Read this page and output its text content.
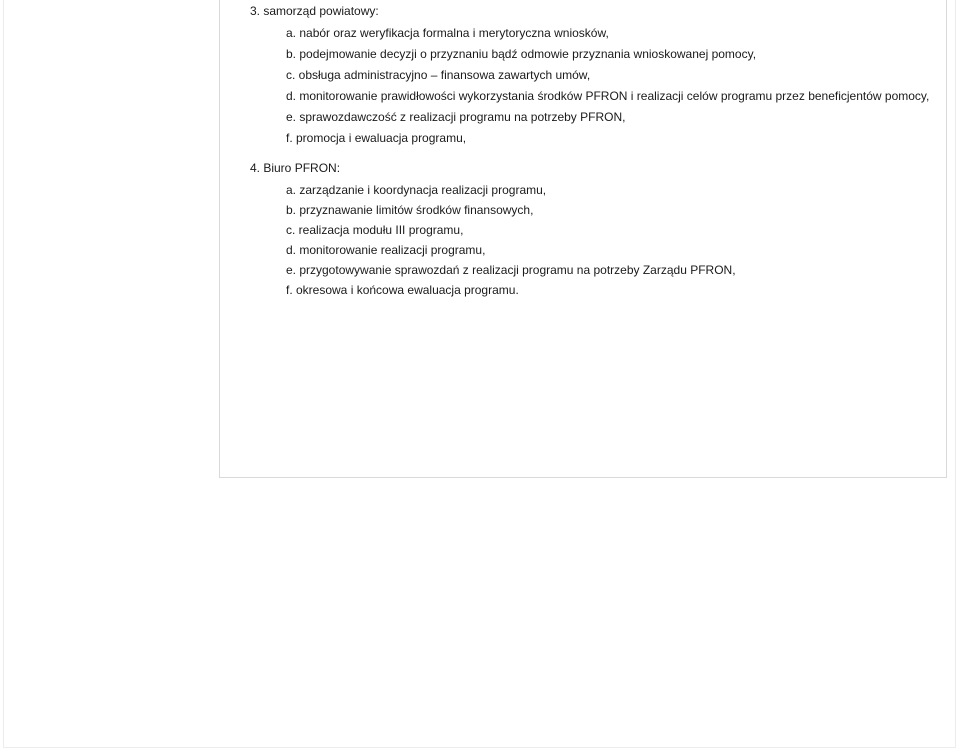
3. samorząd powiatowy:

a. nabór oraz weryfikacja formalna i merytoryczna wniosków,
b. podejmowanie decyzji o przyznaniu bądź odmowie przyznania wnioskowanej pomocy,
c. obsługa administracyjno – finansowa zawartych umów,
d. monitorowanie prawidłowości wykorzystania środków PFRON i realizacji celów programu przez beneficjentów pomocy,
e. sprawozdawczość z realizacji programu na potrzeby PFRON,
f. promocja i ewaluacja programu,

4. Biuro PFRON:

a. zarządzanie i koordynacja realizacji programu,
b. przyznawanie limitów środków finansowych,
c. realizacja modułu III programu,
d. monitorowanie realizacji programu,
e. przygotowywanie sprawozdań z realizacji programu na potrzeby Zarządu PFRON,
f. okresowa i końcowa ewaluacja programu.
